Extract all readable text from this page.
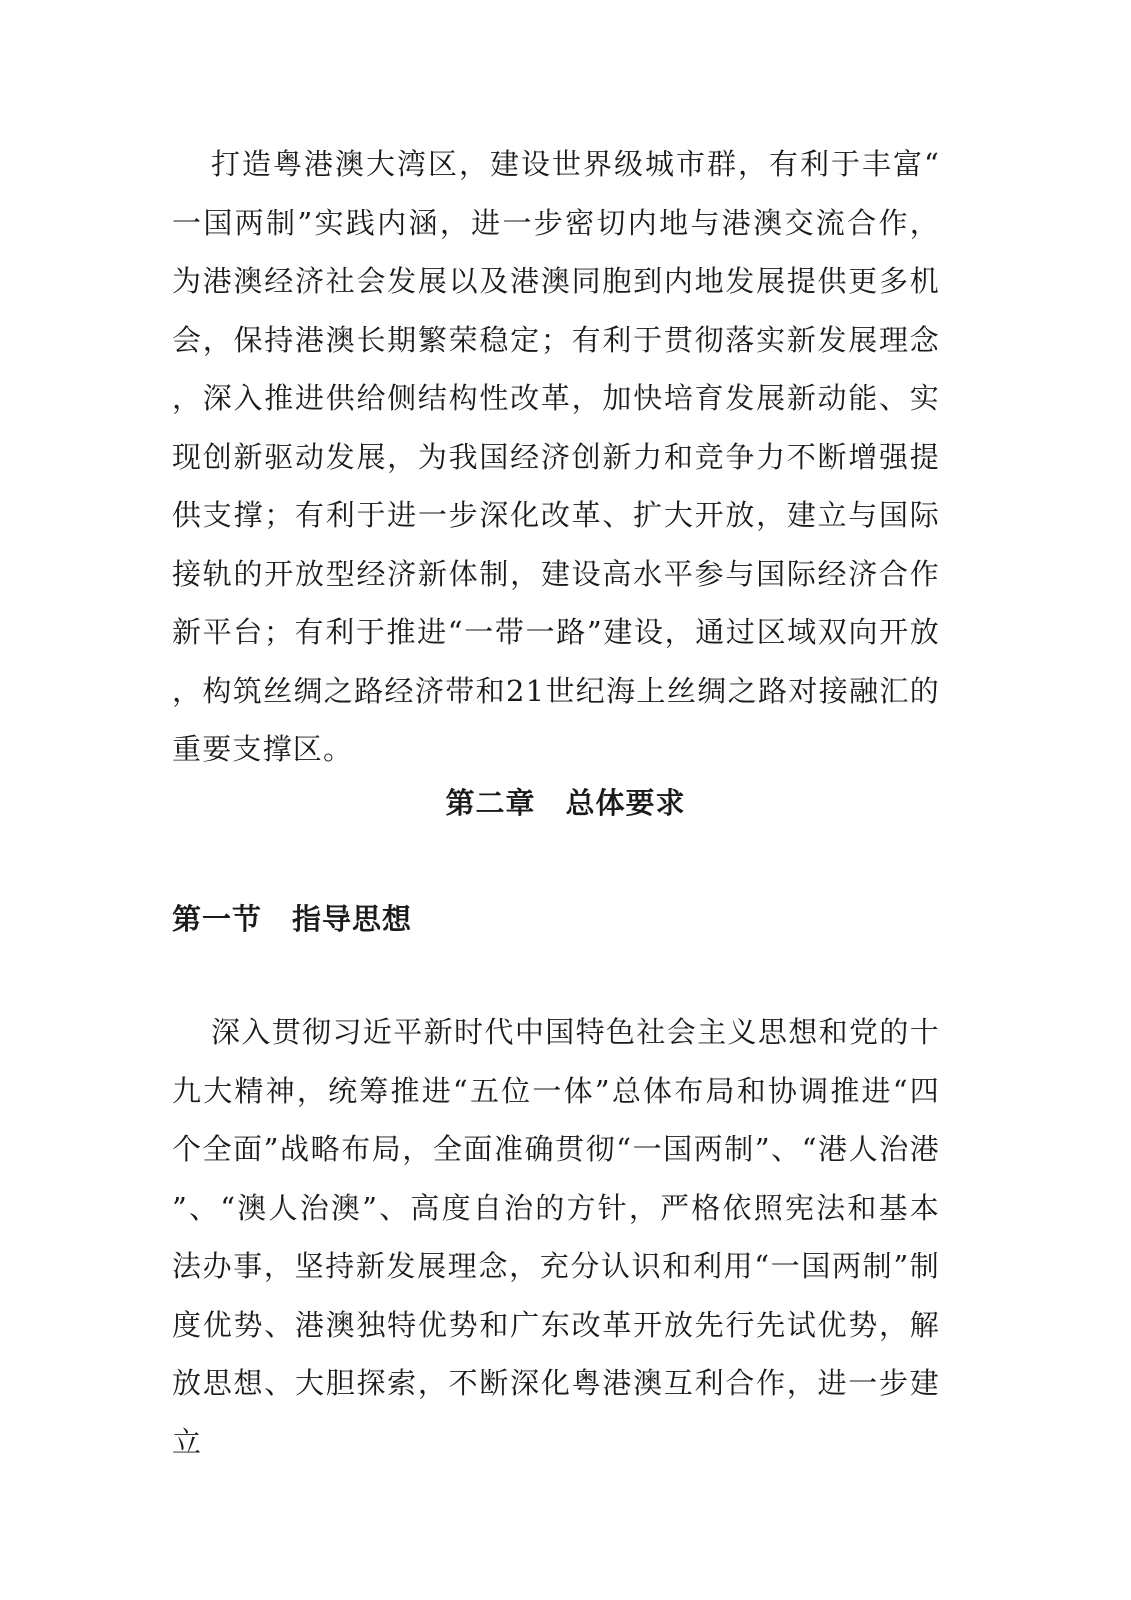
打造粤港澳大湾区，建设世界级城市群，有利于丰富“一国两制”实践内涵，进一步密切内地与港澳交流合作，为港澳经济社会发展以及港澳同胞到内地发展提供更多机会，保持港澳长期繁荣稳定；有利于贯彻落实新发展理念，深入推进供给侧结构性改革，加快培育发展新动能、实现创新驱动发展，为我国经济创新力和竞争力不断增强提供支撑；有利于进一步深化改革、扩大开放，建立与国际接轨的开放型经济新体制，建设高水平参与国际经济合作新平台；有利于推进“一带一路”建设，通过区域双向开放，构筑丝绸之路经济带和21世纪海上丝绸之路对接融汇的重要支撑区。

第二章　总体要求
第一节　指导思想

深入贯彻习近平新时代中国特色社会主义思想和党的十九大精神，统筹推进“五位一体”总体布局和协调推进“四个全面”战略布局，全面准确贯彻“一国两制”、“港人治港”、“澳人治澳”、高度自治的方针，严格依照宪法和基本法办事，坚持新发展理念，充分认识和利用“一国两制”制度优势、港澳独特优势和广东改革开放先行先试优势，解放思想、大胆探索，不断深化粤港澳互利合作，进一步建立
